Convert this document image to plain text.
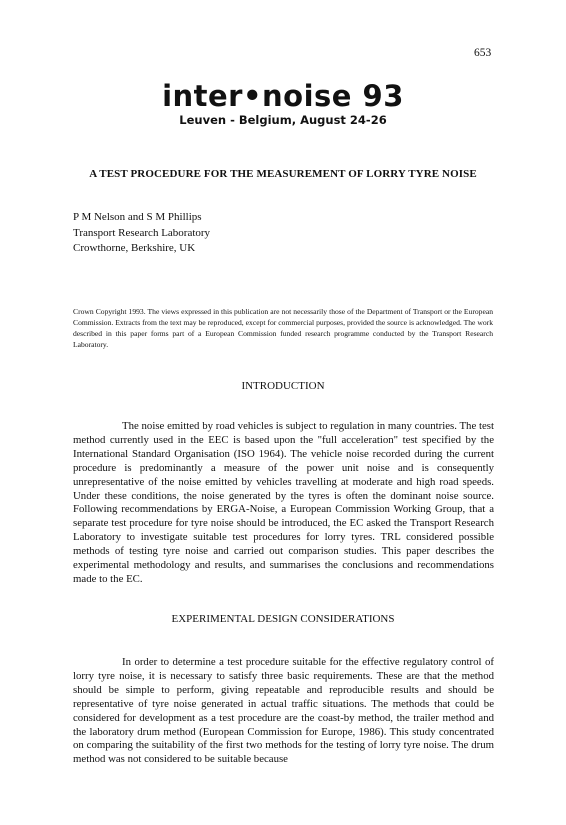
653
inter•noise 93
Leuven - Belgium, August 24-26
A TEST PROCEDURE FOR THE MEASUREMENT OF LORRY TYRE NOISE
P M Nelson and S M Phillips
Transport Research Laboratory
Crowthorne, Berkshire, UK
Crown Copyright 1993. The views expressed in this publication are not necessarily those of the Department of Transport or the European Commission. Extracts from the text may be reproduced, except for commercial purposes, provided the source is acknowledged. The work described in this paper forms part of a European Commission funded research programme conducted by the Transport Research Laboratory.
INTRODUCTION

The noise emitted by road vehicles is subject to regulation in many countries. The test method currently used in the EEC is based upon the "full acceleration" test specified by the International Standard Organisation (ISO 1964). The vehicle noise recorded during the current procedure is predominantly a measure of the power unit noise and is consequently unrepresentative of the noise emitted by vehicles travelling at moderate and high road speeds. Under these conditions, the noise generated by the tyres is often the dominant noise source. Following recommendations by ERGA-Noise, a European Commission Working Group, that a separate test procedure for tyre noise should be introduced, the EC asked the Transport Research Laboratory to investigate suitable test procedures for lorry tyres. TRL considered possible methods of testing tyre noise and carried out comparison studies. This paper describes the experimental methodology and results, and summarises the conclusions and recommendations made to the EC.

EXPERIMENTAL DESIGN CONSIDERATIONS

In order to determine a test procedure suitable for the effective regulatory control of lorry tyre noise, it is necessary to satisfy three basic requirements. These are that the method should be simple to perform, giving repeatable and reproducible results and should be representative of tyre noise generated in actual traffic situations. The methods that could be considered for development as a test procedure are the coast-by method, the trailer method and the laboratory drum method (European Commission for Europe, 1986). This study concentrated on comparing the suitability of the first two methods for the testing of lorry tyre noise. The drum method was not considered to be suitable because
